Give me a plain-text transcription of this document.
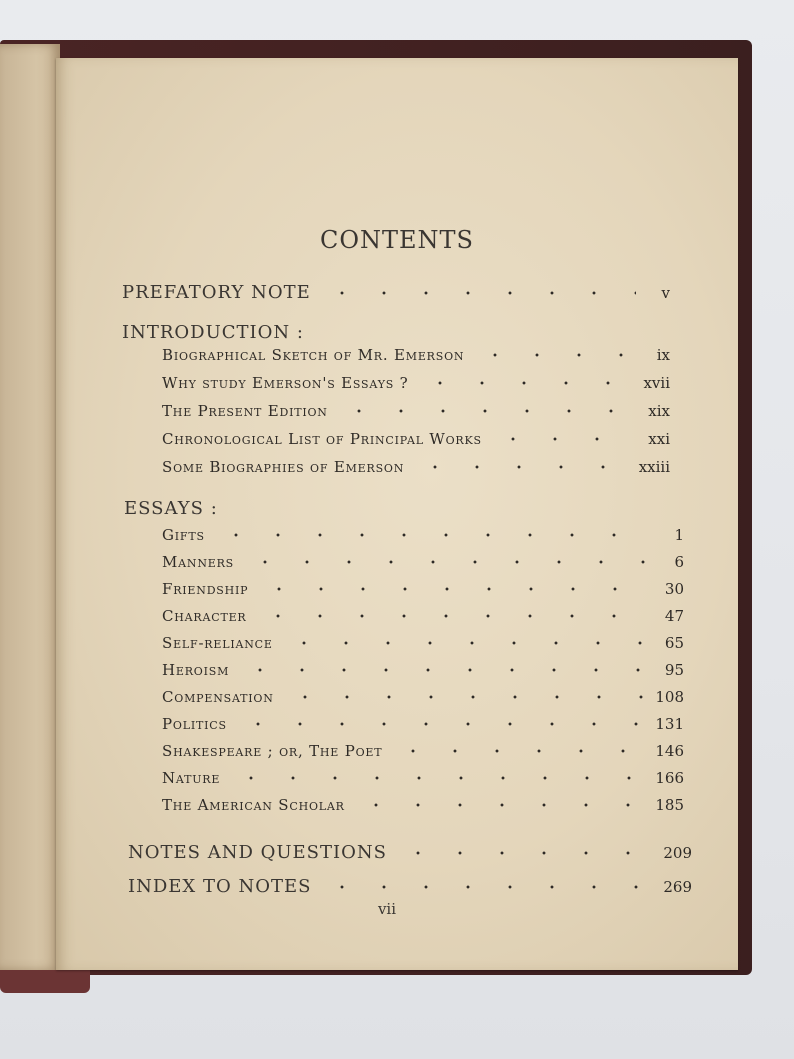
CONTENTS
PREFATORY NOTE	v
INTRODUCTION :
Biographical Sketch of Mr. Emerson	ix
Why study Emerson's Essays ?	xvii
The Present Edition	xix
Chronological List of Principal Works	xxi
Some Biographies of Emerson	xxiii
ESSAYS :
Gifts	1
Manners	6
Friendship	30
Character	47
Self-reliance	65
Heroism	95
Compensation	108
Politics	131
Shakespeare ; or, The Poet	146
Nature	166
The American Scholar	185
NOTES AND QUESTIONS	209
INDEX TO NOTES	269
vii
